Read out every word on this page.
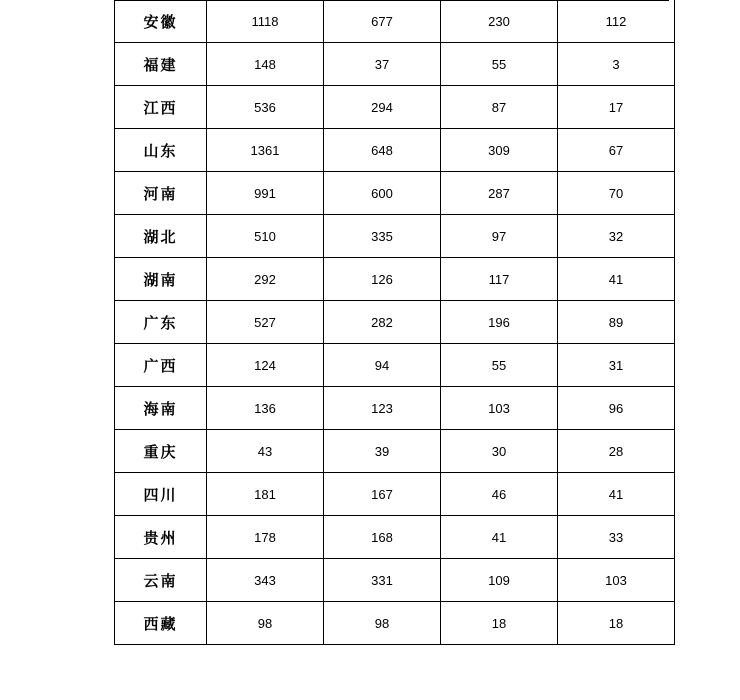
安徽	1118	677	230	112
福建	148	37	55	3
江西	536	294	87	17
山东	1361	648	309	67
河南	991	600	287	70
湖北	510	335	97	32
湖南	292	126	117	41
广东	527	282	196	89
广西	124	94	55	31
海南	136	123	103	96
重庆	43	39	30	28
四川	181	167	46	41
贵州	178	168	41	33
云南	343	331	109	103
西藏	98	98	18	18
